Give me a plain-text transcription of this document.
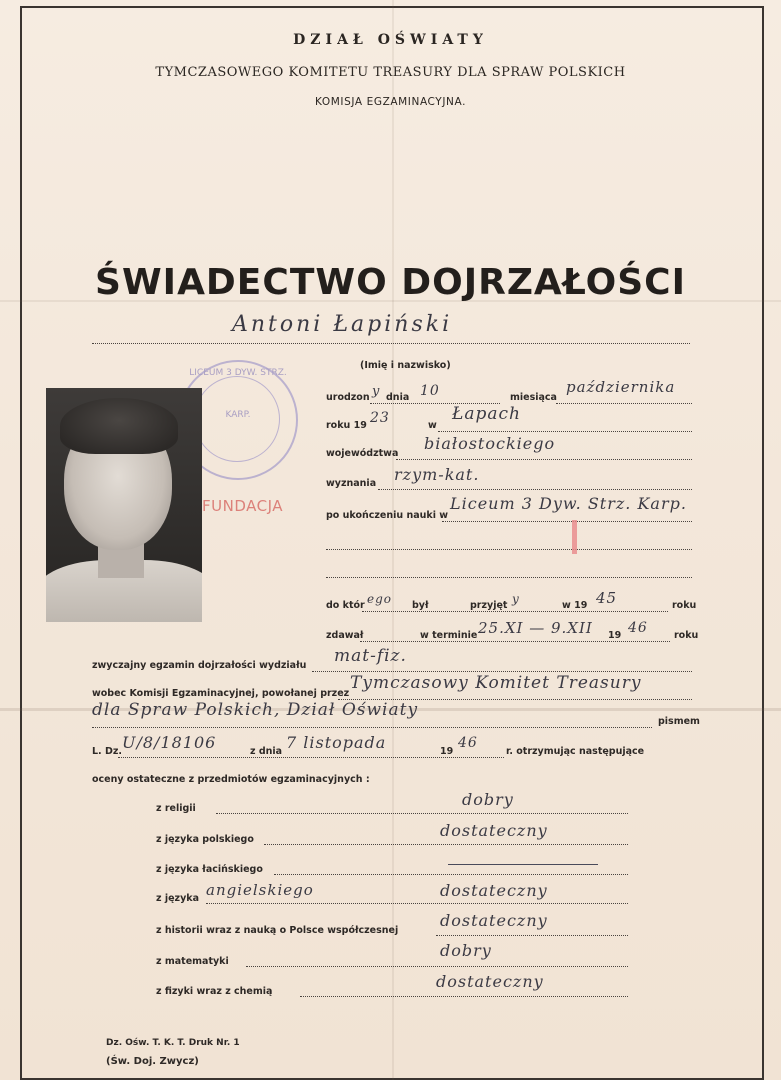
DZIAŁ OŚWIATY
TYMCZASOWEGO KOMITETU TREASURY DLA SPRAW POLSKICH
KOMISJA EGZAMINACYJNA.
ŚWIADECTWO DOJRZAŁOŚCI
Antoni Łapiński
(Imię i nazwisko)
LICEUM 3 DYW. STRZ.
KARP.
FUNDACJA
urodzon y dnia 10	miesiąca
października
roku 19 23	w
Łapach
województwa
białostockiego
wyznania rzym-kat.
po ukończeniu nauki w
Liceum 3 Dyw. Strz. Karp.
do któr ego był	przyjęt y	w 19 45	roku
zdawał	w terminie 25.XI — 9.XII 19 46	roku
zwyczajny egzamin dojrzałości wydziału mat-fiz.
wobec Komisji Egzaminacyjnej, powołanej przez
Tymczasowy Komitet Treasury
dla Spraw Polskich, Dział Oświaty
pismem
L. Dz. U/8/18106	z dnia 7 listopada	19
46
r. otrzymując następujące
oceny ostateczne z przedmiotów egzaminacyjnych :
z religii	dobry
z języka polskiego	dostateczny
z języka łacińskiego
z języka angielskiego	dostateczny
z historii wraz z nauką o Polsce współczesnej
dostateczny
z matematyki
dobry
z fizyki wraz z chemią
dostateczny
Dz. Ośw. T. K. T. Druk Nr. 1
(Św. Doj. Zwycz)
